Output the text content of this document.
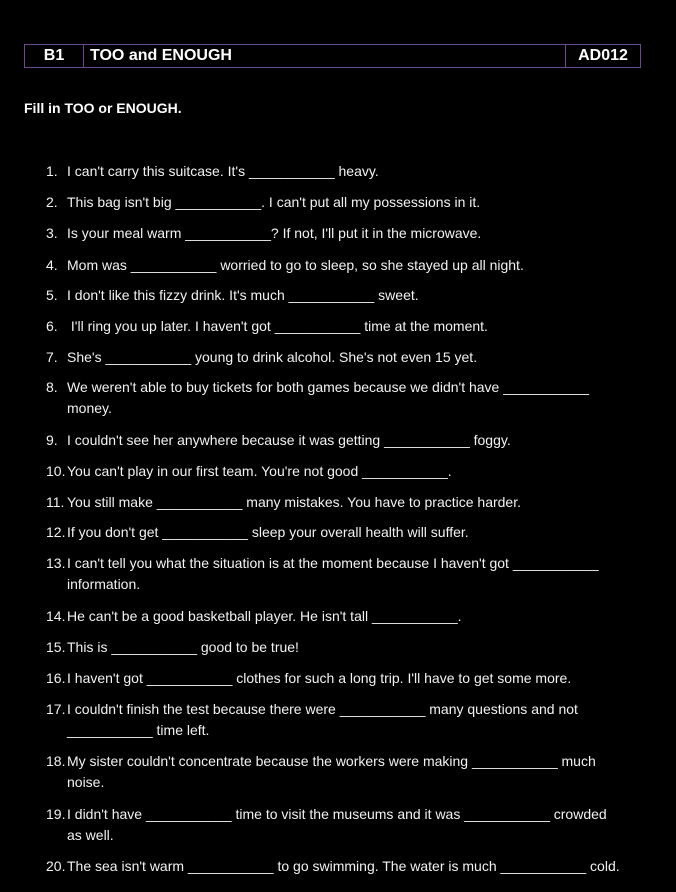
B1	TOO and ENOUGH	AD012
Fill in TOO or ENOUGH.
1. I can't carry this suitcase. It's ___________ heavy.
2. This bag isn't big ___________. I can't put all my possessions in it.
3. Is your meal warm ___________? If not, I'll put it in the microwave.
4. Mom was ___________ worried to go to sleep, so she stayed up all night.
5. I don't like this fizzy drink. It's much ___________ sweet.
6. I'll ring you up later. I haven't got ___________ time at the moment.
7. She's ___________ young to drink alcohol. She's not even 15 yet.
8. We weren't able to buy tickets for both games because we didn't have ___________
money.
9. I couldn't see her anywhere because it was getting ___________ foggy.
10. You can't play in our first team. You're not good ___________.
11. You still make ___________ many mistakes. You have to practice harder.
12. If you don't get ___________ sleep your overall health will suffer.
13. I can't tell you what the situation is at the moment because I haven't got ___________
information.
14. He can't be a good basketball player. He isn't tall ___________.
15. This is ___________ good to be true!
16. I haven't got ___________ clothes for such a long trip. I'll have to get some more.
17. I couldn't finish the test because there were ___________ many questions and not
___________ time left.
18. My sister couldn't concentrate because the workers were making ___________ much
noise.
19. I didn't have ___________ time to visit the museums and it was ___________ crowded
as well.
20. The sea isn't warm ___________ to go swimming. The water is much ___________ cold.
